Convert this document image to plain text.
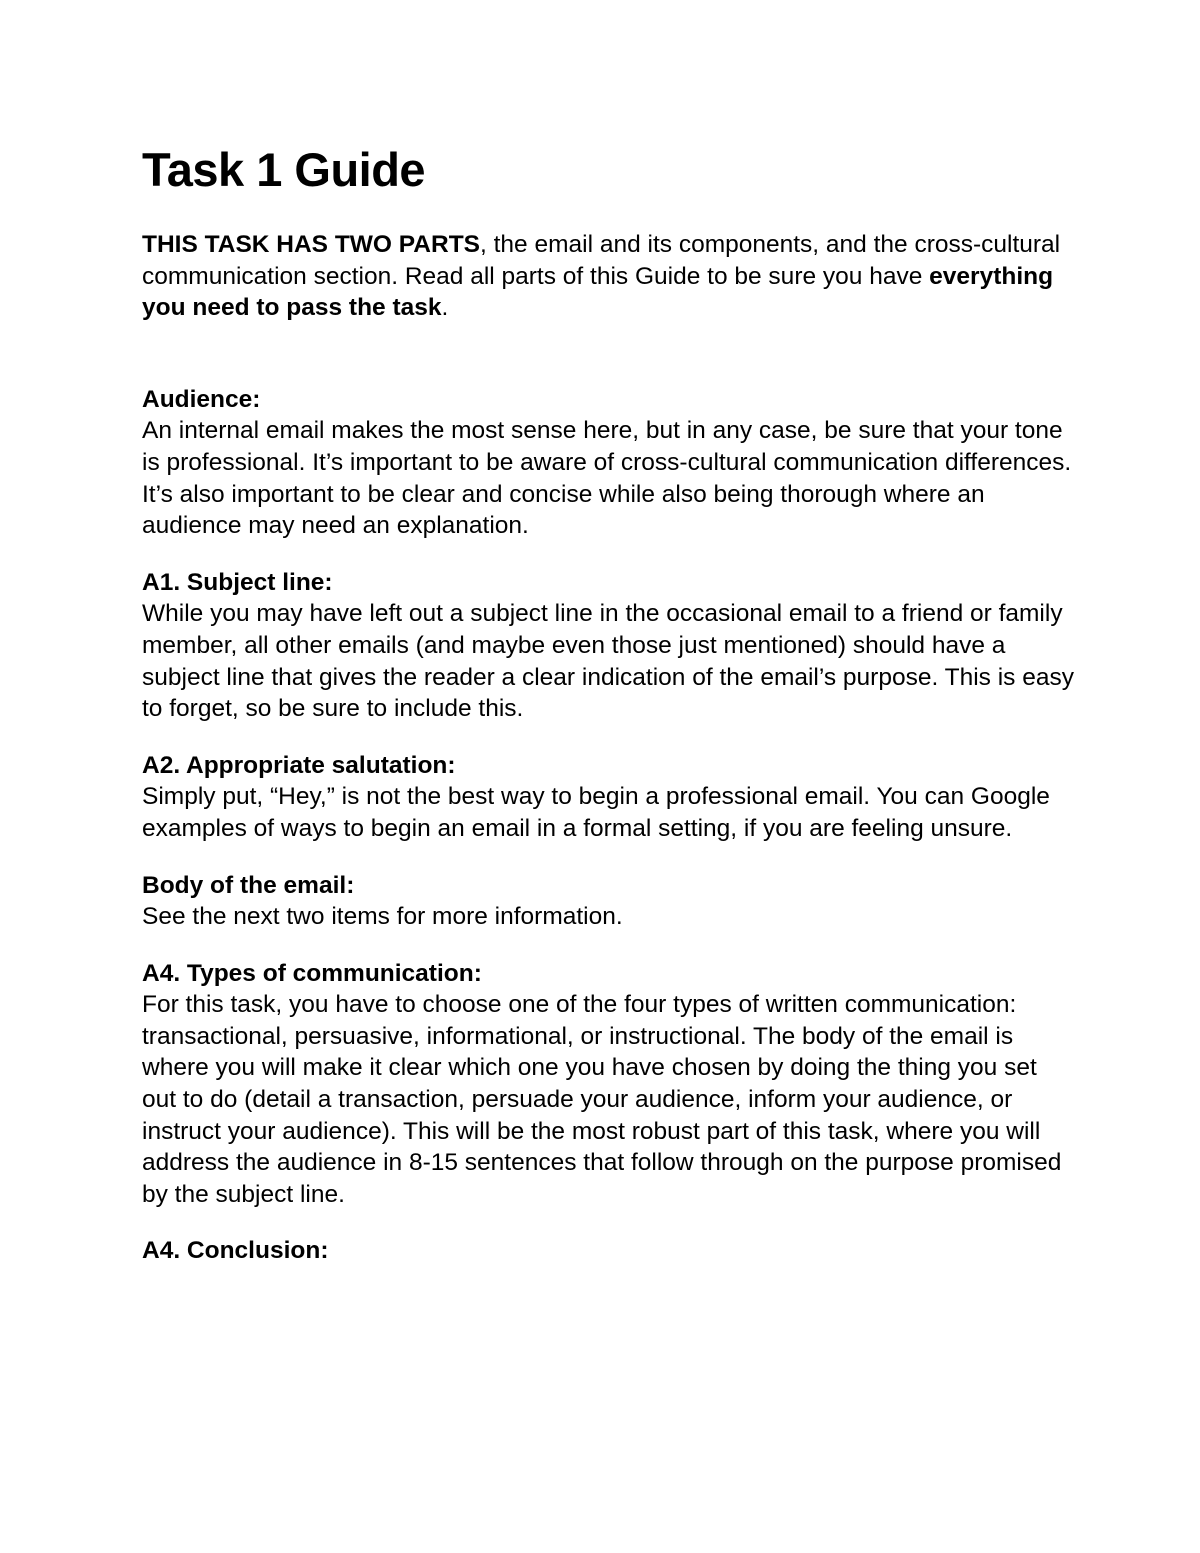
Task 1 Guide

THIS TASK HAS TWO PARTS, the email and its components, and the cross-cultural communication section. Read all parts of this Guide to be sure you have everything you need to pass the task.

Audience:

An internal email makes the most sense here, but in any case, be sure that your tone is professional. It’s important to be aware of cross-cultural communication differences. It’s also important to be clear and concise while also being thorough where an audience may need an explanation.

A1. Subject line:

While you may have left out a subject line in the occasional email to a friend or family member, all other emails (and maybe even those just mentioned) should have a subject line that gives the reader a clear indication of the email’s purpose. This is easy to forget, so be sure to include this.

A2. Appropriate salutation:

Simply put, “Hey,” is not the best way to begin a professional email. You can Google examples of ways to begin an email in a formal setting, if you are feeling unsure.

Body of the email:

See the next two items for more information.

A4. Types of communication:

For this task, you have to choose one of the four types of written communication: transactional, persuasive, informational, or instructional. The body of the email is where you will make it clear which one you have chosen by doing the thing you set out to do (detail a transaction, persuade your audience, inform your audience, or instruct your audience). This will be the most robust part of this task, where you will address the audience in 8-15 sentences that follow through on the purpose promised by the subject line.

A4. Conclusion:
